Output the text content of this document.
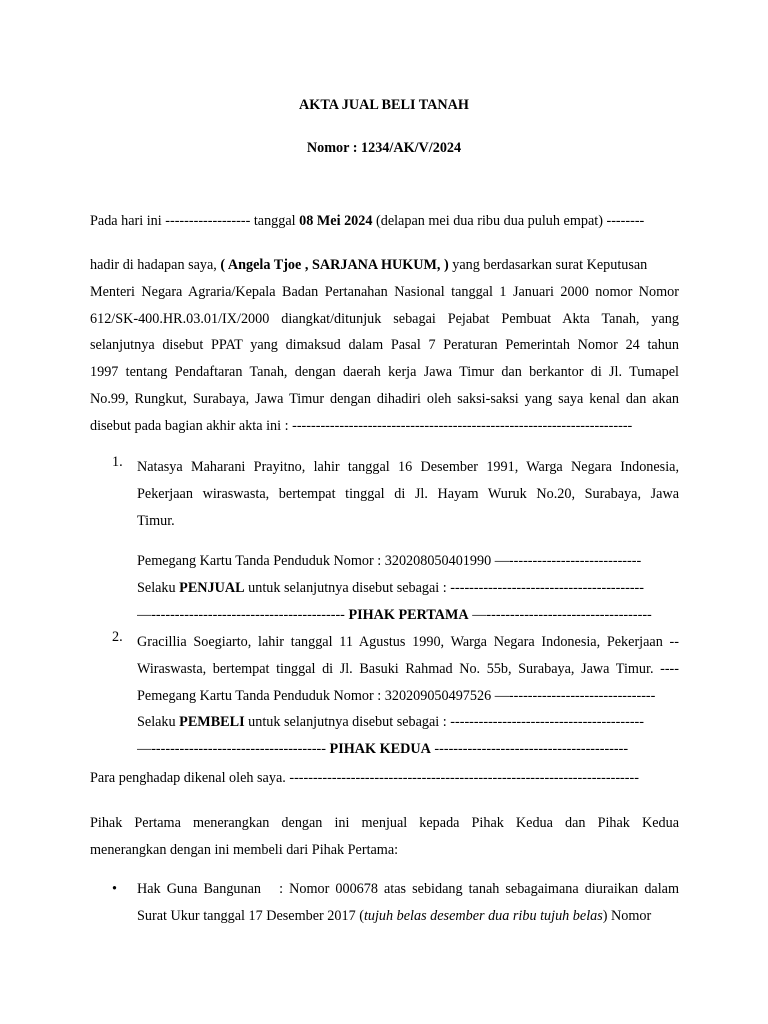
AKTA JUAL BELI TANAH
Nomor : 1234/AK/V/2024
Pada hari ini ------------------ tanggal 08 Mei 2024 (delapan mei dua ribu dua puluh empat) --------
hadir di hadapan saya, ( Angela Tjoe , SARJANA HUKUM, ) yang berdasarkan surat Keputusan
Menteri Negara Agraria/Kepala Badan Pertanahan Nasional tanggal 1 Januari 2000 nomor Nomor
612/SK-400.HR.03.01/IX/2000 diangkat/ditunjuk sebagai Pejabat Pembuat Akta Tanah, yang
selanjutnya disebut PPAT yang dimaksud dalam Pasal 7 Peraturan Pemerintah Nomor 24 tahun
1997 tentang Pendaftaran Tanah, dengan daerah kerja Jawa Timur dan berkantor di Jl. Tumapel
No.99, Rungkut, Surabaya, Jawa Timur dengan dihadiri oleh saksi-saksi yang saya kenal dan akan
disebut pada bagian akhir akta ini : ------------------------------------------------------------------------
1. Natasya Maharani Prayitno, lahir tanggal 16 Desember 1991, Warga Negara Indonesia,
Pekerjaan wiraswasta, bertempat tinggal di Jl. Hayam Wuruk No.20, Surabaya, Jawa
Timur.
Pemegang Kartu Tanda Penduduk Nomor : 320208050401990 —----------------------------
Selaku PENJUAL untuk selanjutnya disebut sebagai : -----------------------------------------
—----------------------------------------- PIHAK PERTAMA —-----------------------------------
2. Gracillia Soegiarto, lahir tanggal 11 Agustus 1990, Warga Negara Indonesia, Pekerjaan --
Wiraswasta, bertempat tinggal di Jl. Basuki Rahmad No. 55b, Surabaya, Jawa Timur. ----
Pemegang Kartu Tanda Penduduk Nomor : 320209050497526 —-------------------------------
Selaku PEMBELI untuk selanjutnya disebut sebagai : -----------------------------------------
—------------------------------------- PIHAK KEDUA -----------------------------------------
Para penghadap dikenal oleh saya. --------------------------------------------------------------------------
Pihak Pertama menerangkan dengan ini menjual kepada Pihak Kedua dan Pihak Kedua
menerangkan dengan ini membeli dari Pihak Pertama:
• Hak Guna Bangunan   : Nomor 000678 atas sebidang tanah sebagaimana diuraikan dalam
Surat Ukur tanggal 17 Desember 2017 (tujuh belas desember dua ribu tujuh belas) Nomor
